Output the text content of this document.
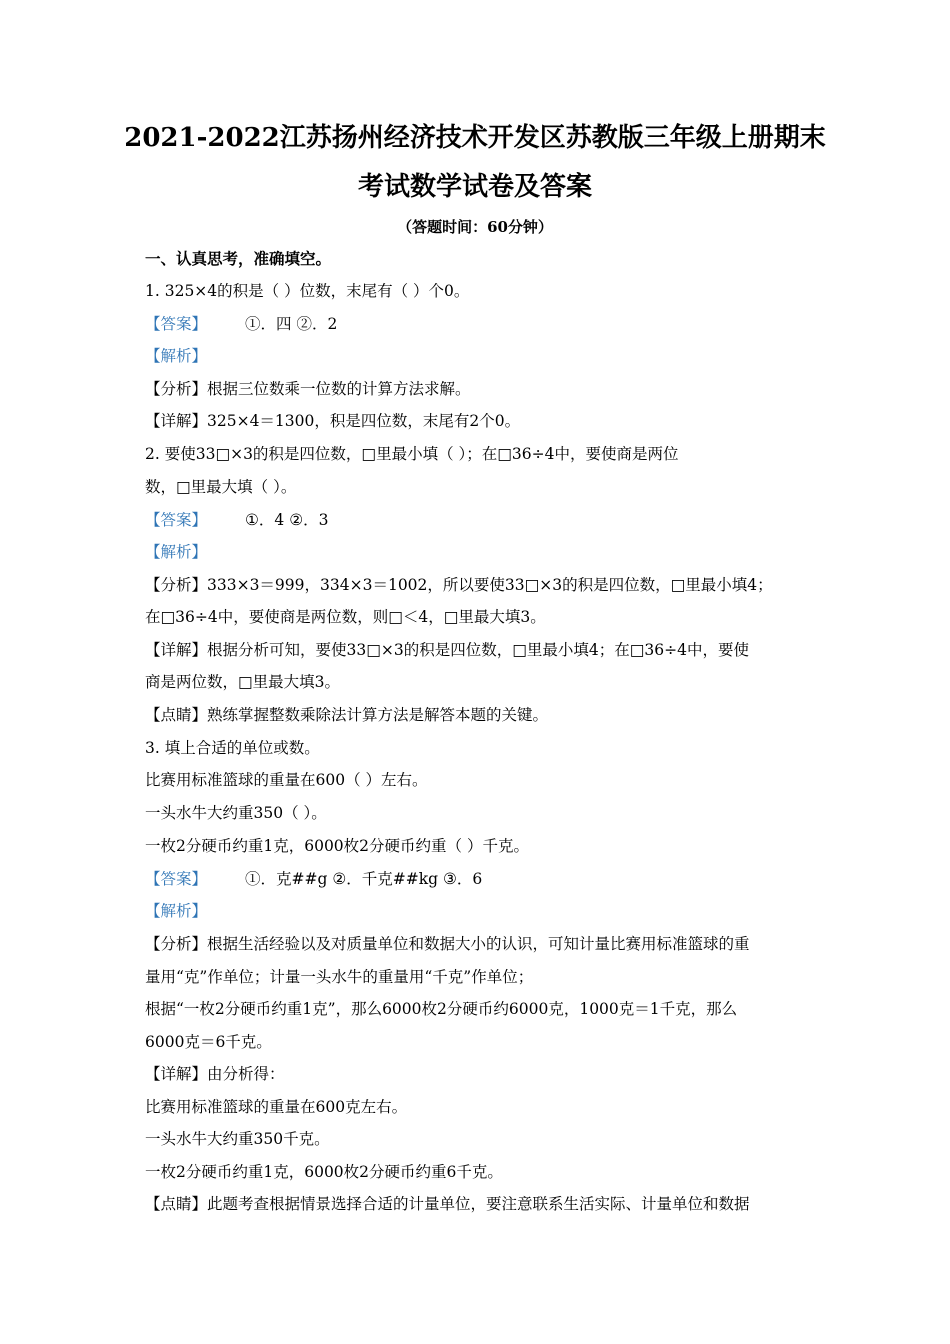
2021-2022江苏扬州经济技术开发区苏教版三年级上册期末
考试数学试卷及答案
（答题时间：60分钟）
一、认真思考，准确填空。
1. 325×4的积是（ ）位数，末尾有（ ）个0。
【答案】 ①．四 ②．2
【解析】
【分析】根据三位数乘一位数的计算方法求解。
【详解】325×4＝1300，积是四位数，末尾有2个0。
2. 要使33□×3的积是四位数，□里最小填（ ）；在□36÷4中，要使商是两位
数，□里最大填（ ）。
【答案】 ①．4 ②．3
【解析】
【分析】333×3＝999，334×3＝1002，所以要使33□×3的积是四位数，□里最小填4；
在□36÷4中，要使商是两位数，则□＜4，□里最大填3。
【详解】根据分析可知，要使33□×3的积是四位数，□里最小填4；在□36÷4中，要使
商是两位数，□里最大填3。
【点睛】熟练掌握整数乘除法计算方法是解答本题的关键。
3. 填上合适的单位或数。
比赛用标准篮球的重量在600（ ）左右。
一头水牛大约重350（ ）。
一枚2分硬币约重1克，6000枚2分硬币约重（ ）千克。
【答案】 ①．克##g ②．千克##kg ③．6
【解析】
【分析】根据生活经验以及对质量单位和数据大小的认识，可知计量比赛用标准篮球的重
量用“克”作单位；计量一头水牛的重量用“千克”作单位；
根据“一枚2分硬币约重1克”，那么6000枚2分硬币约6000克，1000克＝1千克，那么
6000克＝6千克。
【详解】由分析得：
比赛用标准篮球的重量在600克左右。
一头水牛大约重350千克。
一枚2分硬币约重1克，6000枚2分硬币约重6千克。
【点睛】此题考查根据情景选择合适的计量单位，要注意联系生活实际、计量单位和数据
